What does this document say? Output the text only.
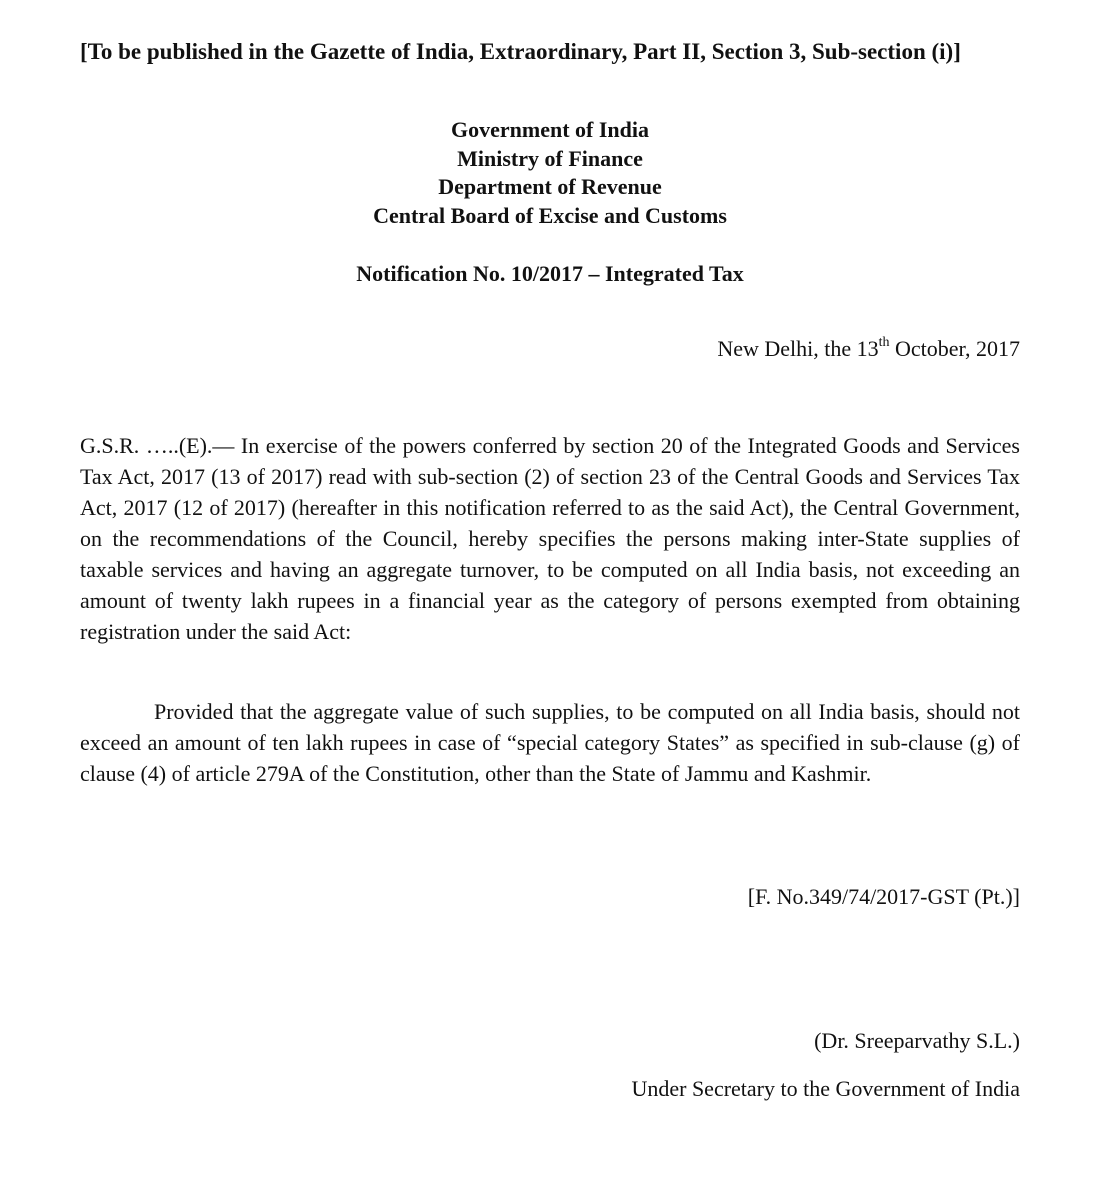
[To be published in the Gazette of India, Extraordinary, Part II, Section 3, Sub-section (i)]
Government of India
Ministry of Finance
Department of Revenue
Central Board of Excise and Customs
Notification No. 10/2017 – Integrated Tax
New Delhi, the 13th October, 2017

G.S.R. …..(E).— In exercise of the powers conferred by section 20 of the Integrated Goods and Services Tax Act, 2017 (13 of 2017) read with sub-section (2) of section 23 of the Central Goods and Services Tax Act, 2017 (12 of 2017) (hereafter in this notification referred to as the said Act), the Central Government, on the recommendations of the Council, hereby specifies the persons making inter-State supplies of taxable services and having an aggregate turnover, to be computed on all India basis, not exceeding an amount of twenty lakh rupees in a financial year as the category of persons exempted from obtaining registration under the said Act:

Provided that the aggregate value of such supplies, to be computed on all India basis, should not exceed an amount of ten lakh rupees in case of “special category States” as specified in sub-clause (g) of clause (4) of article 279A of the Constitution, other than the State of Jammu and Kashmir.

[F. No.349/74/2017-GST (Pt.)]
(Dr. Sreeparvathy S.L.)
Under Secretary to the Government of India
